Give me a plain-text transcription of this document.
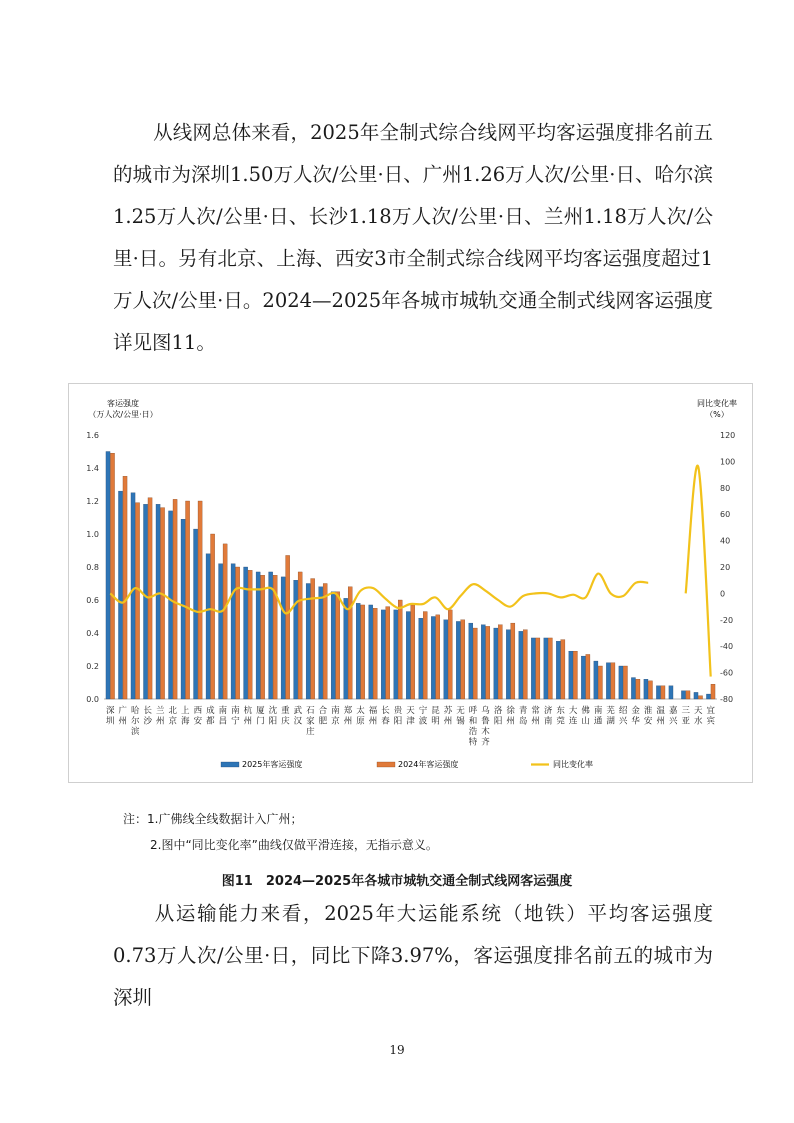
从线网总体来看，2025年全制式综合线网平均客运强度排名前五的城市为深圳1.50万人次/公里·日、广州1.26万人次/公里·日、哈尔滨1.25万人次/公里·日、长沙1.18万人次/公里·日、兰州1.18万人次/公里·日。另有北京、上海、西安3市全制式综合线网平均客运强度超过1万人次/公里·日。2024—2025年各城市城轨交通全制式线网客运强度详见图11。

客运强度
（万人次/公里·日）
同比变化率
（%）
0.0
0.2
0.4
0.6
0.8
1.0
1.2
1.4
1.6
-80
-60
-40
-20
0
20
40
60
80
100
120
深圳
广州
哈尔滨
长沙
兰州
北京
上海
西安
成都
南昌
南宁
杭州
厦门
沈阳
重庆
武汉
石家庄
合肥
南京
郑州
太原
福州
长春
贵阳
天津
宁波
昆明
苏州
无锡
呼和浩特
乌鲁木齐
洛阳
徐州
青岛
常州
济南
东莞
大连
佛山
南通
芜湖
绍兴
金华
淮安
温州
嘉兴
三亚
天水
宜宾
2025年客运强度	2024年客运强度	同比变化率
注：1.广佛线全线数据计入广州；
2.图中“同比变化率”曲线仅做平滑连接，无指示意义。
图11　2024—2025年各城市城轨交通全制式线网客运强度

从运输能力来看，2025年大运能系统（地铁）平均客运强度0.73万人次/公里·日，同比下降3.97%，客运强度排名前五的城市为深圳

19
